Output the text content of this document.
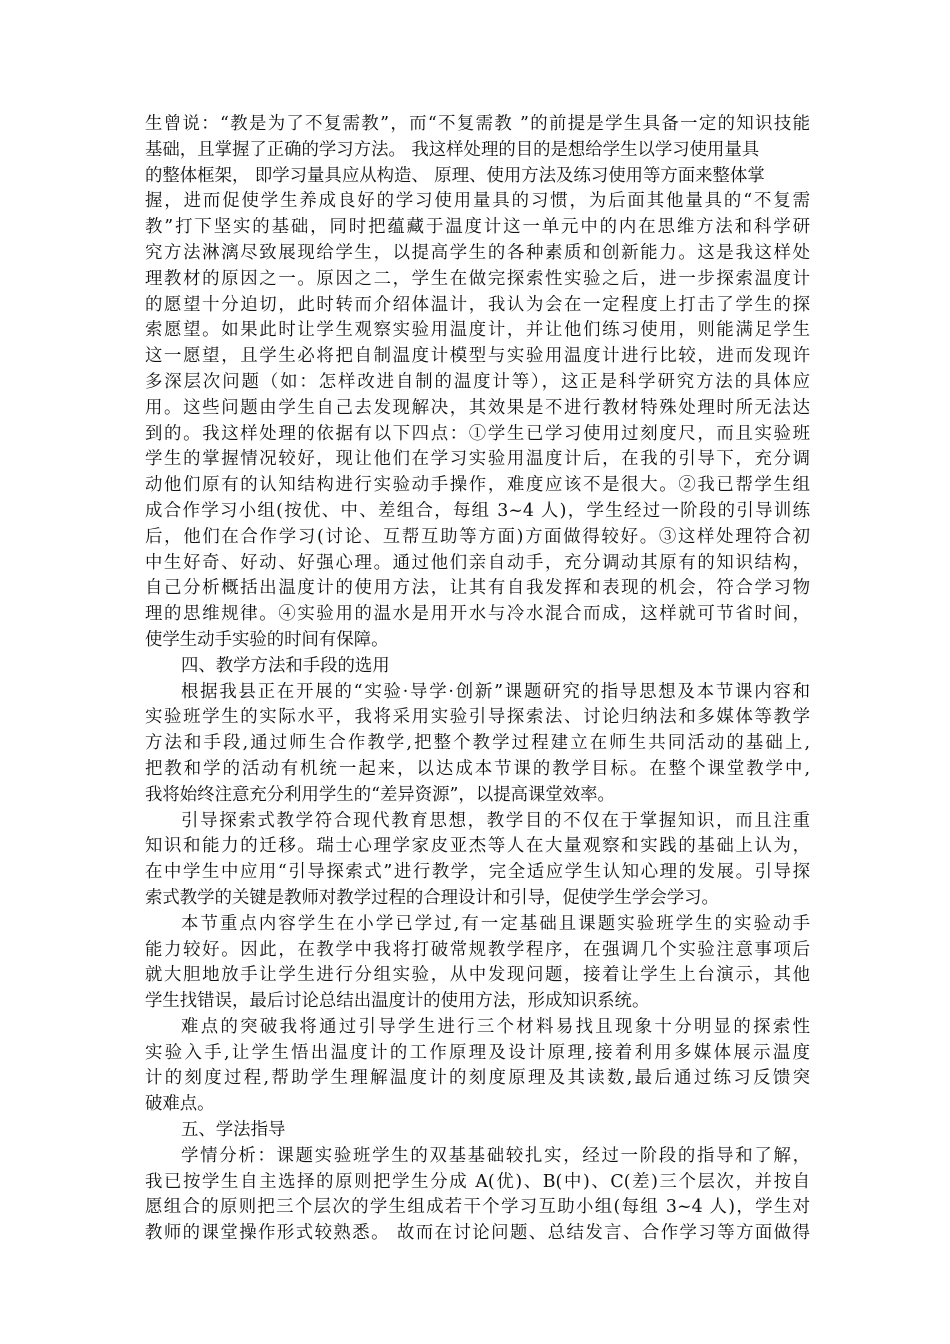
生曾说：“教是为了不复需教”，而“不复需教 ”的前提是学生具备一定的知识技能
基础，且掌握了正确的学习方法。 我这样处理的目的是想给学生以学习使用量具
的整体框架， 即学习量具应从构造、 原理、使用方法及练习使用等方面来整体掌
握，进而促使学生养成良好的学习使用量具的习惯，为后面其他量具的“不复需
教”打下坚实的基础，同时把蕴藏于温度计这一单元中的内在思维方法和科学研
究方法淋漓尽致展现给学生，以提高学生的各种素质和创新能力。这是我这样处
理教材的原因之一。原因之二，学生在做完探索性实验之后，进一步探索温度计
的愿望十分迫切，此时转而介绍体温计，我认为会在一定程度上打击了学生的探
索愿望。如果此时让学生观察实验用温度计，并让他们练习使用，则能满足学生
这一愿望，且学生必将把自制温度计模型与实验用温度计进行比较，进而发现许
多深层次问题（如：怎样改进自制的温度计等），这正是科学研究方法的具体应
用。这些问题由学生自己去发现解决，其效果是不进行教材特殊处理时所无法达
到的。我这样处理的依据有以下四点：①学生已学习使用过刻度尺，而且实验班
学生的掌握情况较好，现让他们在学习实验用温度计后，在我的引导下，充分调
动他们原有的认知结构进行实验动手操作，难度应该不是很大。②我已帮学生组
成合作学习小组(按优、中、差组合，每组 3~4 人)，学生经过一阶段的引导训练
后，他们在合作学习(讨论、互帮互助等方面)方面做得较好。③这样处理符合初
中生好奇、好动、好强心理。通过他们亲自动手，充分调动其原有的知识结构，
自己分析概括出温度计的使用方法，让其有自我发挥和表现的机会，符合学习物
理的思维规律。④实验用的温水是用开水与冷水混合而成，这样就可节省时间，
使学生动手实验的时间有保障。
四、教学方法和手段的选用
根据我县正在开展的“实验·导学·创新”课题研究的指导思想及本节课内容和
实验班学生的实际水平，我将采用实验引导探索法、讨论归纳法和多媒体等教学
方法和手段,通过师生合作教学,把整个教学过程建立在师生共同活动的基础上,
把教和学的活动有机统一起来，以达成本节课的教学目标。在整个课堂教学中,
我将始终注意充分利用学生的“差异资源”，以提高课堂效率。
引导探索式教学符合现代教育思想，教学目的不仅在于掌握知识，而且注重
知识和能力的迁移。瑞士心理学家皮亚杰等人在大量观察和实践的基础上认为，
在中学生中应用“引导探索式”进行教学，完全适应学生认知心理的发展。引导探
索式教学的关键是教师对教学过程的合理设计和引导，促使学生学会学习。
本节重点内容学生在小学已学过,有一定基础且课题实验班学生的实验动手
能力较好。因此，在教学中我将打破常规教学程序，在强调几个实验注意事项后
就大胆地放手让学生进行分组实验，从中发现问题，接着让学生上台演示，其他
学生找错误，最后讨论总结出温度计的使用方法，形成知识系统。
难点的突破我将通过引导学生进行三个材料易找且现象十分明显的探索性
实验入手,让学生悟出温度计的工作原理及设计原理,接着利用多媒体展示温度
计的刻度过程,帮助学生理解温度计的刻度原理及其读数,最后通过练习反馈突
破难点。
五、学法指导
学情分析：课题实验班学生的双基基础较扎实，经过一阶段的指导和了解，
我已按学生自主选择的原则把学生分成 A(优)、B(中)、C(差)三个层次，并按自
愿组合的原则把三个层次的学生组成若干个学习互助小组(每组 3~4 人)，学生对
教师的课堂操作形式较熟悉。 故而在讨论问题、总结发言、合作学习等方面做得
